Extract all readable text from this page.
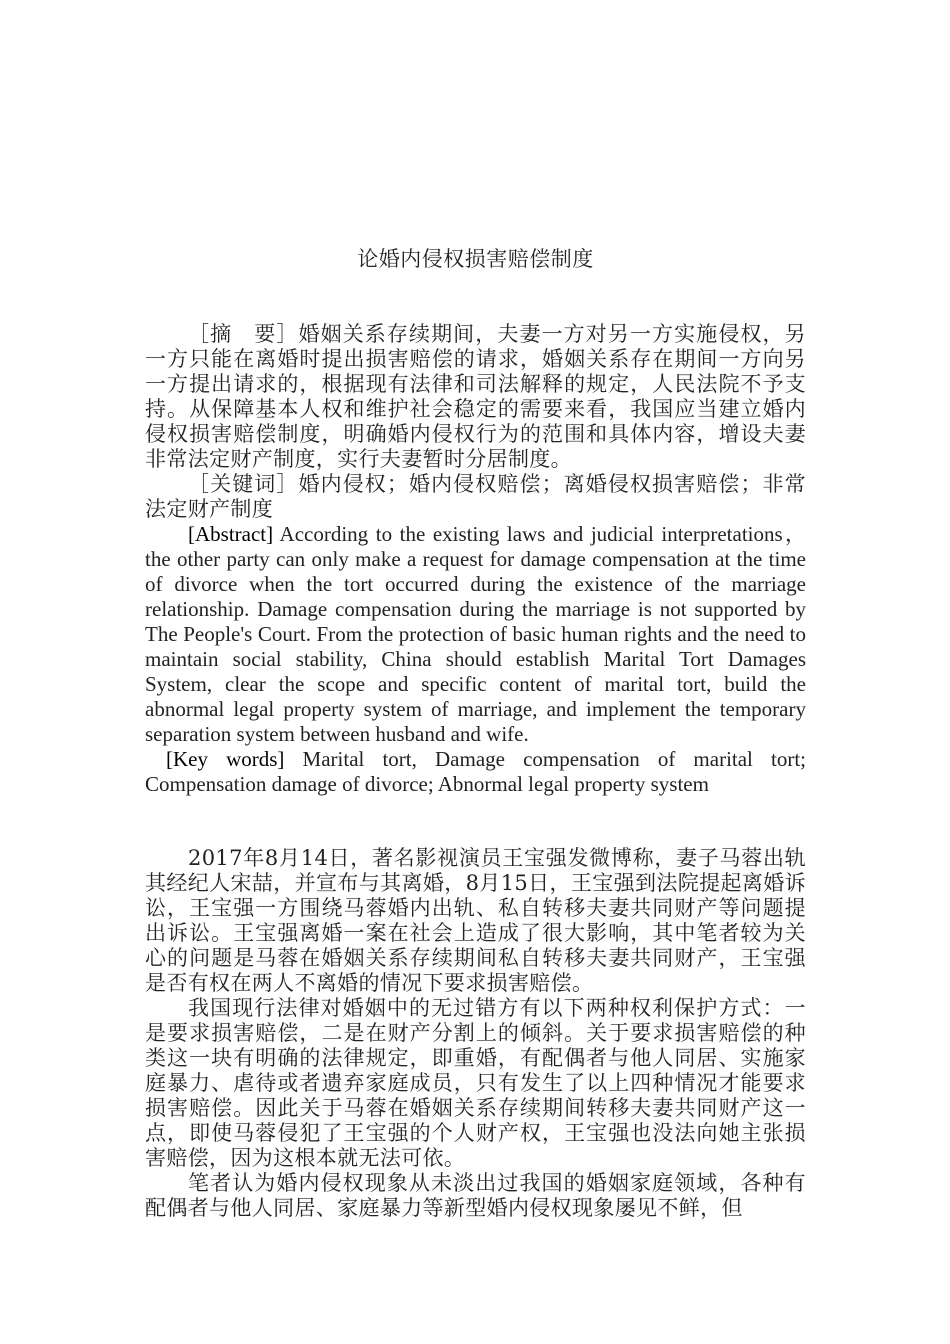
论婚内侵权损害赔偿制度

［摘　要］婚姻关系存续期间，夫妻一方对另一方实施侵权，另一方只能在离婚时提出损害赔偿的请求，婚姻关系存在期间一方向另一方提出请求的，根据现有法律和司法解释的规定，人民法院不予支持。从保障基本人权和维护社会稳定的需要来看，我国应当建立婚内侵权损害赔偿制度，明确婚内侵权行为的范围和具体内容，增设夫妻非常法定财产制度，实行夫妻暂时分居制度。

［关键词］婚内侵权；婚内侵权赔偿；离婚侵权损害赔偿；非常法定财产制度

[Abstract] According to the existing laws and judicial interpretations， the other party can only make a request for damage compensation at the time of divorce when the tort occurred during the existence of the marriage relationship. Damage compensation during the marriage is not supported by The People's Court. From the protection of basic human rights and the need to maintain social stability, China should establish Marital Tort Damages System, clear the scope and specific content of marital tort, build the abnormal legal property system of marriage, and implement the temporary separation system between husband and wife.

[Key words] Marital tort, Damage compensation of marital tort; Compensation damage of divorce; Abnormal legal property system

2017年8月14日，著名影视演员王宝强发微博称，妻子马蓉出轨其经纪人宋喆，并宣布与其离婚，8月15日，王宝强到法院提起离婚诉讼，王宝强一方围绕马蓉婚内出轨、私自转移夫妻共同财产等问题提出诉讼。王宝强离婚一案在社会上造成了很大影响，其中笔者较为关心的问题是马蓉在婚姻关系存续期间私自转移夫妻共同财产，王宝强是否有权在两人不离婚的情况下要求损害赔偿。

我国现行法律对婚姻中的无过错方有以下两种权利保护方式：一是要求损害赔偿，二是在财产分割上的倾斜。关于要求损害赔偿的种类这一块有明确的法律规定，即重婚，有配偶者与他人同居、实施家庭暴力、虐待或者遗弃家庭成员，只有发生了以上四种情况才能要求损害赔偿。因此关于马蓉在婚姻关系存续期间转移夫妻共同财产这一点，即使马蓉侵犯了王宝强的个人财产权，王宝强也没法向她主张损害赔偿，因为这根本就无法可依。

笔者认为婚内侵权现象从未淡出过我国的婚姻家庭领域，各种有配偶者与他人同居、家庭暴力等新型婚内侵权现象屡见不鲜，但
